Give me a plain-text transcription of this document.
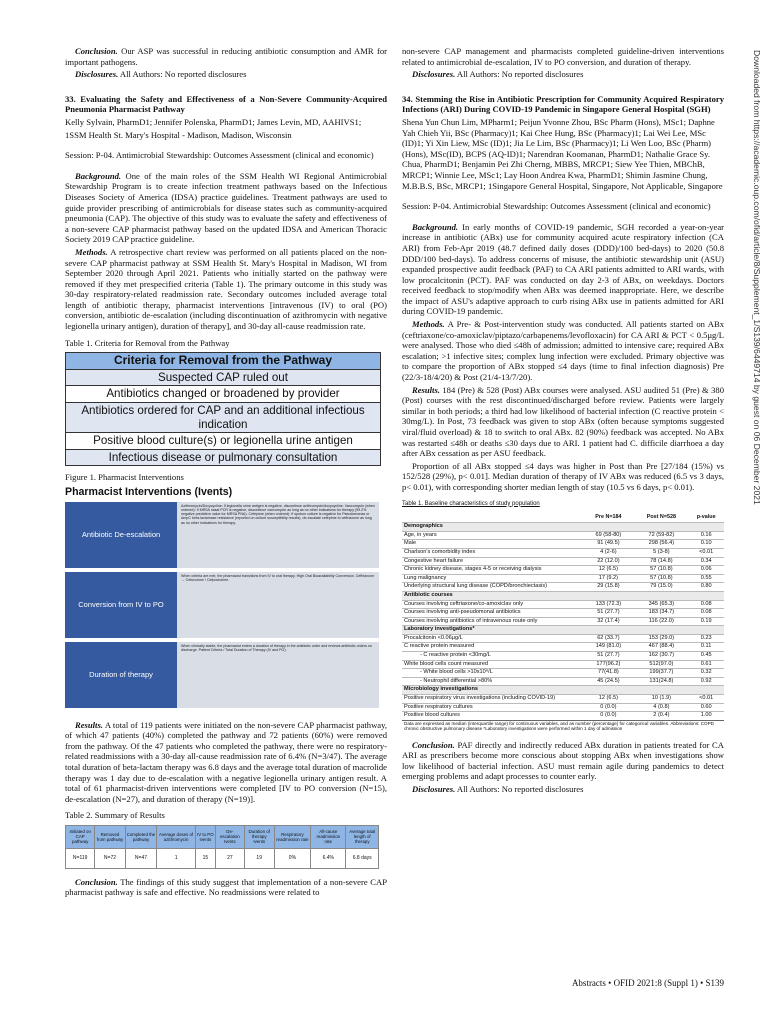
Conclusion. Our ASP was successful in reducing antibiotic consumption and AMR for important pathogens.

Disclosures. All Authors: No reported disclosures

33. Evaluating the Safety and Effectiveness of a Non-Severe Community-Acquired Pneumonia Pharmacist Pathway

Kelly Sylvain, PharmD1; Jennifer Polenska, PharmD1; James Levin, MD, AAHIVS1;

1SSM Health St. Mary's Hospital - Madison, Madison, Wisconsin

Session: P-04. Antimicrobial Stewardship: Outcomes Assessment (clinical and economic)

Background. One of the main roles of the SSM Health WI Regional Antimicrobial Stewardship Program is to create infection treatment pathways based on the Infectious Diseases Society of America (IDSA) practice guidelines. Treatment pathways are used to guide provider prescribing of antimicrobials for disease states such as community-acquired pneumonia (CAP). The objective of this study was to evaluate the safety and effectiveness of a non-severe CAP pharmacist pathway based on the updated IDSA and American Thoracic Society 2019 CAP practice guideline.

Methods. A retrospective chart review was performed on all patients placed on the non-severe CAP pharmacist pathway at SSM Health St. Mary's Hospital in Madison, WI from September 2020 through April 2021. Patients who initially started on the pathway were removed if they met prespecified criteria (Table 1). The primary outcome in this study was 30-day respiratory-related readmission rate. Secondary outcomes included average total length of antibiotic therapy, pharmacist interventions [intravenous (IV) to oral (PO) conversion, antibiotic de-escalation (including discontinuation of azithromycin with negative legionella urinary antigen), duration of therapy], and 30-day all-cause readmission rate.

Table 1. Criteria for Removal from the Pathway

Criteria for Removal from the Pathway
Suspected CAP ruled out
Antibiotics changed or broadened by provider
Antibiotics ordered for CAP and an additional infectious indication
Positive blood culture(s) or legionella urine antigen
Infectious disease or pulmonary consultation

Figure 1. Pharmacist Interventions

Pharmacist Interventions (Ivents)
Antibiotic De-escalation
Azithromycin/Doxycycline: If legionella urine antigen is negative, discontinue azithromycin/doxycycline. Vancomycin (when ordered): If MRSA nasal PCR is negative, discontinue vancomycin as long as no other indications for therapy (99.2% negative predictive value for MRSA PNA). Cefepime (when ordered): If sputum culture is negative for Pseudomonas or AmpC beta-lactamase resistance (reported on culture susceptibility results), de-escalate cefepime to ceftriaxone as long as no other indications for therapy.
Conversion from IV to PO
When criteria are met, the pharmacist transitions from IV to oral therapy. High Oral Bioavailability Conversion. Ceftriaxone → Cefuroxime / Cefpodoxime.
Duration of therapy
When clinically stable, the pharmacist enters a duration of therapy in the antibiotic order and reviews antibiotic orders on discharge. Patient Criteria / Total Duration of Therapy (IV and PO).

Results. A total of 119 patients were initiated on the non-severe CAP pharmacist pathway, of which 47 patients (40%) completed the pathway and 72 patients (60%) were removed from the pathway. Of the 47 patients who completed the pathway, there were no respiratory-related readmissions with a 30-day all-cause readmission rate of 6.4% (N=3/47). The average total duration of beta-lactam therapy was 6.8 days and the average total duration of macrolide therapy was 1 day due to de-escalation with a negative legionella urinary antigen result. A total of 61 pharmacist-driven interventions were completed [IV to PO conversion (N=15), de-escalation (N=27), and duration of therapy (N=19)].

Table 2. Summary of Results

Initiated on CAP pathway	Removed from pathway	Completed the pathway	Average doses of azithromycin	IV to PO Ivents	De-escalation Ivents	Duration of therapy Ivents	Respiratory readmission rate	All-cause readmission rate	Average total length of therapy
N=119	N=72	N=47	1	15	27	19	0%	6.4%	6.8 days

Conclusion. The findings of this study suggest that implementation of a non-severe CAP pharmacist pathway is safe and effective. No readmissions were related to

non-severe CAP management and pharmacists completed guideline-driven interventions related to antimicrobial de-escalation, IV to PO conversion, and duration of therapy.

Disclosures. All Authors: No reported disclosures

34. Stemming the Rise in Antibiotic Prescription for Community Acquired Respiratory Infections (ARI) During COVID-19 Pandemic in Singapore General Hospital (SGH)

Shena Yun Chun Lim, MPharm1; Peijun Yvonne Zhou, BSc Pharm (Hons), MSc1; Daphne Yah Chieh Yii, BSc (Pharmacy)1; Kai Chee Hung, BSc (Pharmacy)1; Lai Wei Lee, MSc (ID)1; Yi Xin Liew, MSc (ID)1; Jia Le Lim, BSc (Pharmacy)1; Li Wen Loo, BSc (Pharm)(Hons), MSc(ID), BCPS (AQ-ID)1; Narendran Koomanan, PharmD1; Nathalie Grace Sy. Chua, PharmD1; Benjamin Pei Zhi Cherng, MBBS, MRCP1; Siew Yee Thien, MBChB, MRCP1; Winnie Lee, MSc1; Lay Hoon Andrea Kwa, PharmD1; Shimin Jasmine Chung, M.B.B.S, BSc, MRCP1; 1Singapore General Hospital, Singapore, Not Applicable, Singapore

Session: P-04. Antimicrobial Stewardship: Outcomes Assessment (clinical and economic)

Background. In early months of COVID-19 pandemic, SGH recorded a year-on-year increase in antibiotic (ABx) use for community acquired acute respiratory infection (CA ARI) from Feb-Apr 2019 (48.7 defined daily doses (DDD)/100 bed-days) to 2020 (50.8 DDD/100 bed-days). To address concerns of misuse, the antibiotic stewardship unit (ASU) expanded prospective audit feedback (PAF) to CA ARI patients admitted to ARI wards, with low procalcitonin (PCT). PAF was conducted on day 2-3 of ABx, on weekdays. Doctors received feedback to stop/modify when ABx was deemed inappropriate. Here, we describe the impact of ASU's adaptive approach to curb rising ABx use in patients admitted for ARI during COVID-19 pandemic.

Methods. A Pre- & Post-intervention study was conducted. All patients started on ABx (ceftriaxone/co-amoxiclav/piptazo/carbapenems/levofloxacin) for CA ARI & PCT < 0.5μg/L were analysed. Those who died ≤48h of admission; admitted to intensive care; required ABx escalation; >1 infective sites; complex lung infection were excluded. Primary objective was to compare the proportion of ABx stopped ≤4 days (time to final infection diagnosis) Pre (22/3-18/4/20) & Post (21/4-13/7/20).

Results. 184 (Pre) & 528 (Post) ABx courses were analysed. ASU audited 51 (Pre) & 380 (Post) courses with the rest discontinued/discharged before review. Patients were largely similar in both periods; a third had low likelihood of bacterial infection (C reactive protein < 30mg/L). In Post, 73 feedback was given to stop ABx (often because symptoms suggested viral/fluid overload) & 18 to switch to oral ABx. 82 (90%) feedback was accepted. No ABx was restarted ≤48h or deaths ≤30 days due to ARI. 1 patient had C. difficile diarrhoea a day after ABx cessation as per ASU feedback.

Proportion of all ABx stopped ≤4 days was higher in Post than Pre [27/184 (15%) vs 152/528 (29%), p< 0.01]. Median duration of therapy of IV ABx was reduced (6.5 vs 3 days, p< 0.01), with corresponding shorter median length of stay (10.5 vs 6 days, p< 0.01).

Table 1. Baseline characteristics of study population

	Pre N=184	Post N=528	p-value
Demographics			
Age, in years	69 (58-80)	72 (59-82)	0.16
Male	91 (49.5)	298 (56.4)	0.10
Charlson's comorbidity index	4 (2-6)	5 (3-8)	<0.01
Congestive heart failure	22 (12.0)	78 (14.8)	0.34
Chronic kidney disease, stages 4-5 or receiving dialysis	12 (6.5)	57 (10.8)	0.06
Lung malignancy	17 (9.2)	57 (10.8)	0.55
Underlying structural lung disease (COPD/bronchiectasis)	29 (15.8)	79 (15.0)	0.80
Antibiotic courses			
Courses involving ceftriaxone/co-amoxiclav only	133 (72.3)	345 (65.3)	0.08
Courses involving anti-pseudomonal antibiotics	51 (27.7)	183 (34.7)	0.08
Courses involving antibiotics of intravenous route only	32 (17.4)	116 (22.0)	0.19
Laboratory investigations*			
Procalcitonin <0.06μg/L	62 (33.7)	153 (29.0)	0.23
C reactive protein measured	149 (81.0)	467 (88.4)	0.11
- C reactive protein <30mg/L	51 (27.7)	162 (30.7)	0.45
White blood cells count measured	177(96.2)	512(97.0)	0.61
- White blood cells >10x10⁹/L	77(41.8)	199(37.7)	0.32
- Neutrophil differential >80%	45 (24.5)	131(24.8)	0.92
Microbiology investigations			
Positive respiratory virus investigations (including COVID-19)	12 (6.5)	10 (1.9)	<0.01
Positive respiratory cultures	0 (0.0)	4 (0.8)	0.60
Positive blood cultures	0 (0.0)	2 (0.4)	1.00
Data are expressed as median (interquartile range) for continuous variables, and as number (percentage) for categorical variables. Abbreviations: COPD chronic obstructive pulmonary disease *Laboratory investigations were performed within 1 day of admission			

Conclusion. PAF directly and indirectly reduced ABx duration in patients treated for CA ARI as prescribers become more conscious about stopping ABx when investigations show low likelihood of bacterial infection. ASU must remain agile during pandemics to detect emerging problems and adapt processes to counter early.

Disclosures. All Authors: No reported disclosures

Abstracts • OFID 2021:8 (Suppl 1) • S139
Downloaded from https://academic.oup.com/ofid/article/8/Supplement_1/S139/6449714 by guest on 06 December 2021
